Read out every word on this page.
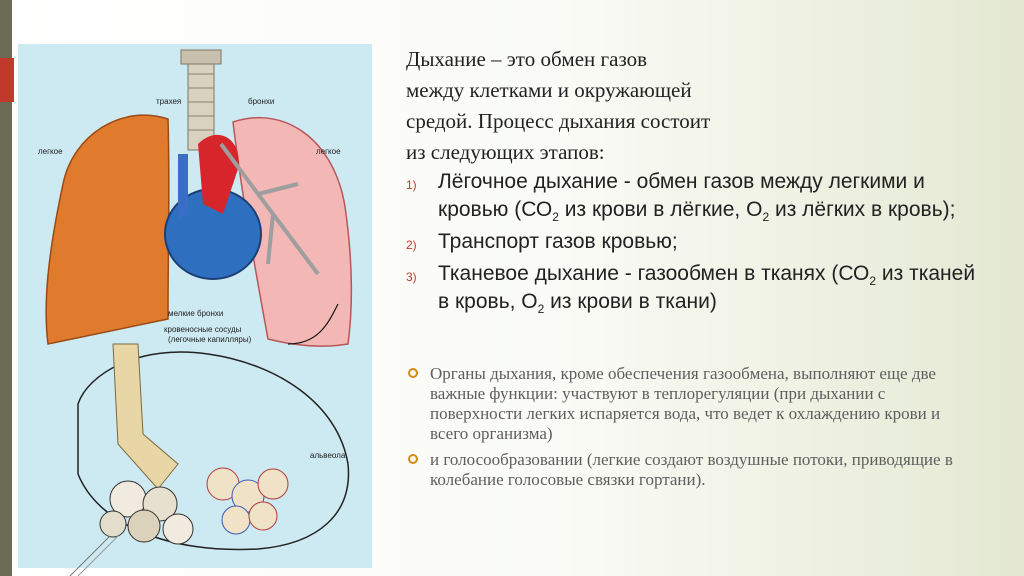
трахея	бронхи
легкое	легкое
мелкие бронхи
кровеносные сосуды
(легочные капилляры)
альвеола

Дыхание – это обмен газов

между клетками и окружающей

средой. Процесс дыхания состоит

из следующих этапов:

1) Лёгочное дыхание - обмен газов между легкими и кровью ($СО_2$ из крови в лёгкие, $О_2$ из лёгких в кровь);
2) Транспорт газов кровью;
3) Тканевое дыхание - газообмен в тканях ($СО_2$ из тканей в кровь, $О_2$ из крови в ткани)
Органы дыхания, кроме обеспечения газообмена, выполняют еще две важные функции: участвуют в теплорегуляции (при дыхании с поверхности легких испаряется вода, что ведет к охлаждению крови и всего организма)
и голосообразовании (легкие создают воздушные потоки, приводящие в колебание голосовые связки гортани).
